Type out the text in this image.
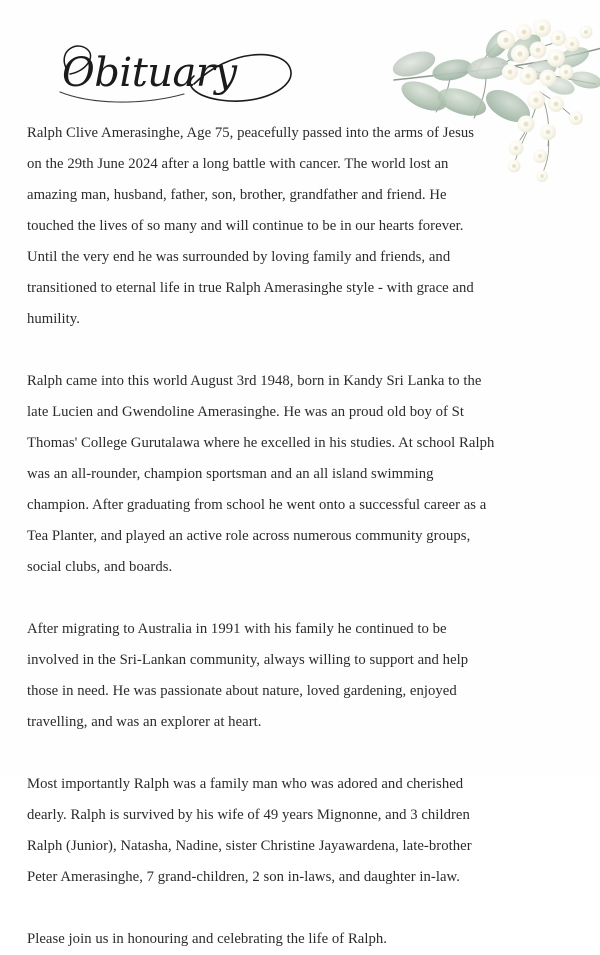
Obituary

Ralph Clive Amerasinghe, Age 75, peacefully passed into the arms of Jesus on the 29th June 2024 after a long battle with cancer. The world lost an amazing man, husband, father, son, brother, grandfather and friend. He touched the lives of so many and will continue to be in our hearts forever. Until the very end he was surrounded by loving family and friends, and transitioned to eternal life in true Ralph Amerasinghe style - with grace and humility.

Ralph came into this world August 3rd 1948, born in Kandy Sri Lanka to the late Lucien and Gwendoline Amerasinghe. He was an proud old boy of St Thomas' College Gurutalawa where he excelled in his studies. At school Ralph was an all-rounder, champion sportsman and an all island swimming champion. After graduating from school he went onto a successful career as a Tea Planter, and played an active role across numerous community groups, social clubs, and boards.

After migrating to Australia in 1991 with his family he continued to be involved in the Sri-Lankan community, always willing to support and help those in need. He was passionate about nature, loved gardening, enjoyed travelling, and was an explorer at heart.

Most importantly Ralph was a family man who was adored and cherished dearly. Ralph is survived by his wife of 49 years Mignonne, and 3 children Ralph (Junior), Natasha, Nadine, sister Christine Jayawardena, late-brother Peter Amerasinghe, 7 grand-children, 2 son in-laws, and daughter in-law.

Please join us in honouring and celebrating the life of Ralph.
